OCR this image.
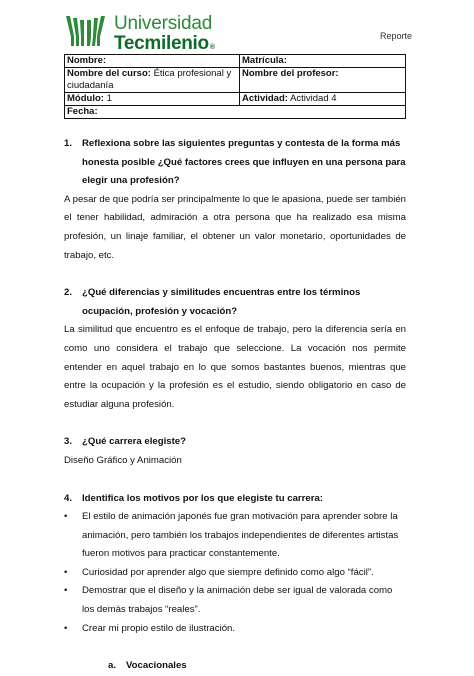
Universidad
Tecmilenio®
Reporte
Nombre:	Matrícula:
Nombre del curso: Ética profesional y ciudadanía	Nombre del profesor:
Módulo: 1	Actividad: Actividad 4
Fecha:	
1.	Reflexiona sobre las siguientes preguntas y contesta de la forma más honesta posible ¿Qué factores crees que influyen en una persona para elegir una profesión?
A pesar de que podría ser principalmente lo que le apasiona, puede ser también el tener habilidad, admiración a otra persona que ha realizado esa misma profesión, un linaje familiar, el obtener un valor monetario, oportunidades de trabajo, etc.
2.	¿Qué diferencias y similitudes encuentras entre los términos ocupación, profesión y vocación?
La similitud que encuentro es el enfoque de trabajo, pero la diferencia sería en como uno considera el trabajo que seleccione. La vocación nos permite entender en aquel trabajo en lo que somos bastantes buenos, mientras que entre la ocupación y la profesión es el estudio, siendo obligatorio en caso de estudiar alguna profesión.
3.	¿Qué carrera elegiste?
Diseño Gráfico y Animación
4.	Identifica los motivos por los que elegiste tu carrera:
•	El estilo de animación japonés fue gran motivación para aprender sobre la animación, pero también los trabajos independientes de diferentes artistas fueron motivos para practicar constantemente.
•	Curiosidad por aprender algo que siempre definido como algo “fácil”.
•	Demostrar que el diseño y la animación debe ser igual de valorada como los demás trabajos “reales”.
•	Crear mi propio estilo de ilustración.
a.	Vocacionales
